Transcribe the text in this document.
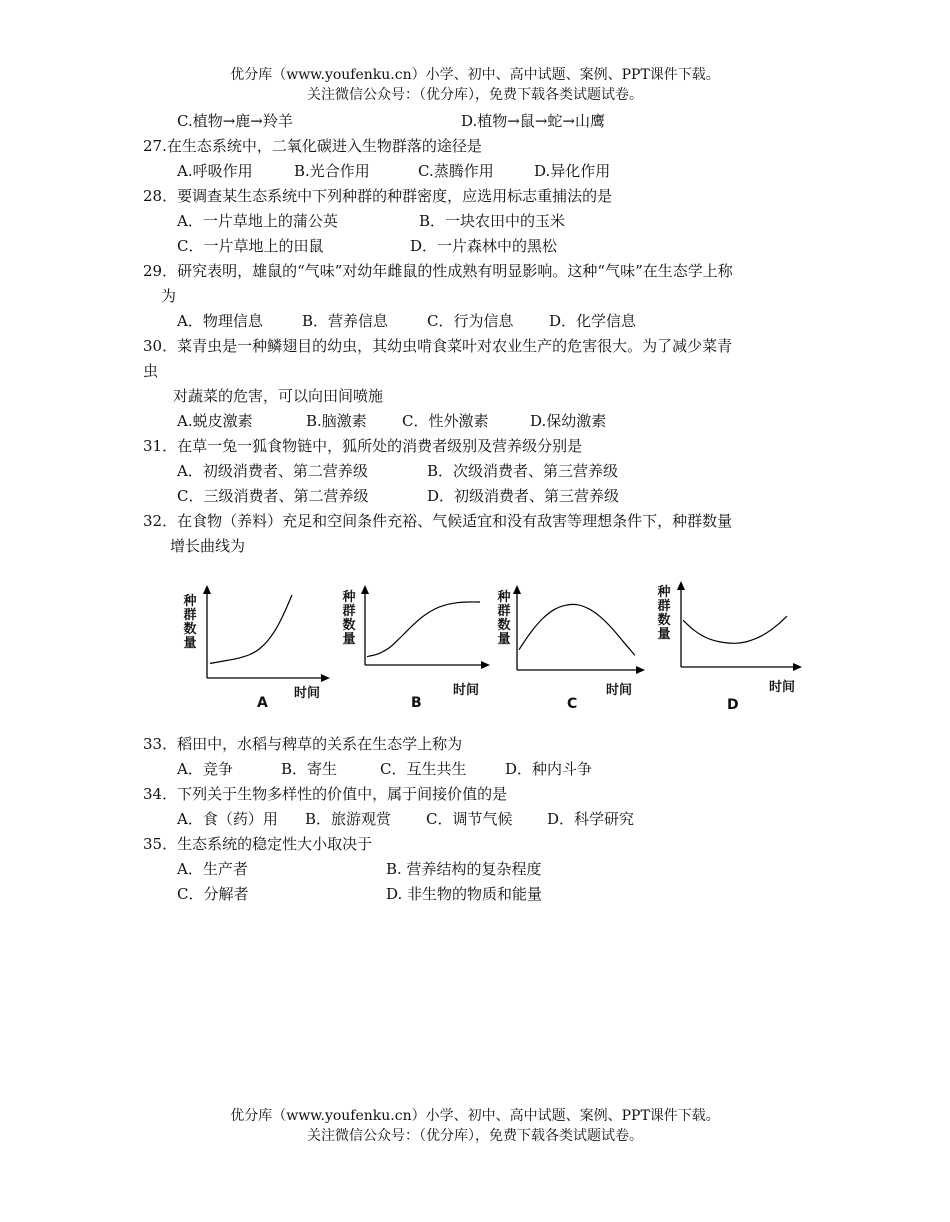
优分库（www.youfenku.cn）小学、初中、高中试题、案例、PPT课件下载。
关注微信公众号：（优分库），免费下载各类试题试卷。
C.植物→鹿→羚羊	D.植物→鼠→蛇→山鹰
27.在生态系统中，二氧化碳进入生物群落的途径是
A.呼吸作用	B.光合作用	C.蒸腾作用	D.异化作用
28．要调查某生态系统中下列种群的种群密度，应选用标志重捕法的是
A．一片草地上的蒲公英	B．一块农田中的玉米
C．一片草地上的田鼠	D．一片森林中的黑松
29．研究表明，雄鼠的“气味”对幼年雌鼠的性成熟有明显影响。这种“气味”在生态学上称
为
A．物理信息	B．营养信息	C．行为信息 D．化学信息
30．菜青虫是一种鳞翅目的幼虫，其幼虫啃食菜叶对农业生产的危害很大。为了减少菜青
虫
对蔬菜的危害，可以向田间喷施
A.蜕皮激素	B.脑激素 C．性外激素	D.保幼激素
31．在草一兔一狐食物链中，狐所处的消费者级别及营养级分别是
A．初级消费者、第二营养级	B．次级消费者、第三营养级
C．三级消费者、第二营养级	D．初级消费者、第三营养级
32．在食物（养料）充足和空间条件充裕、气候适宜和没有敌害等理想条件下，种群数量
增长曲线为
种群数量
时间
A
种群数量
时间
B
种群数量
时间
C
种群数量
时间
D
33．稻田中，水稻与稗草的关系在生态学上称为
A．竞争	B．寄生	C．互生共生	D．种内斗争
34．下列关于生物多样性的价值中，属于间接价值的是
A．食（药）用 B．旅游观赏 C．调节气候 D．科学研究
35．生态系统的稳定性大小取决于
A．生产者	B. 营养结构的复杂程度
C．分解者	D. 非生物的物质和能量
优分库（www.youfenku.cn）小学、初中、高中试题、案例、PPT课件下载。
关注微信公众号：（优分库），免费下载各类试题试卷。
